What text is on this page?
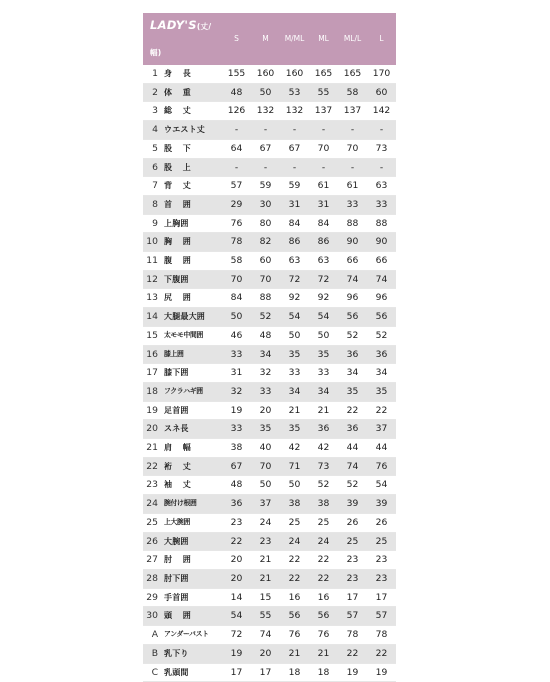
LADY'S(丈/幅)		S	M	M/ML	ML	ML/L	L
1	身 長	155	160	160	165	165	170
2	体 重	48	50	53	55	58	60
3	総 丈	126	132	132	137	137	142
4	ウエスト丈	-	-	-	-	-	-
5	股 下	64	67	67	70	70	73
6	股 上	-	-	-	-	-	-
7	背 丈	57	59	59	61	61	63
8	首 囲	29	30	31	31	33	33
9	上胸囲	76	80	84	84	88	88
10	胸 囲	78	82	86	86	90	90
11	腹 囲	58	60	63	63	66	66
12	下腹囲	70	70	72	72	74	74
13	尻 囲	84	88	92	92	96	96
14	大腿最大囲	50	52	54	54	56	56
15	太モモ中間囲	46	48	50	50	52	52
16	膝上囲	33	34	35	35	36	36
17	膝下囲	31	32	33	33	34	34
18	フクラハギ囲	32	33	34	34	35	35
19	足首囲	19	20	21	21	22	22
20	スネ長	33	35	35	36	36	37
21	肩 幅	38	40	42	42	44	44
22	裄 丈	67	70	71	73	74	76
23	袖 丈	48	50	50	52	52	54
24	腕付け根囲	36	37	38	38	39	39
25	上大腕囲	23	24	25	25	26	26
26	大腕囲	22	23	24	24	25	25
27	肘 囲	20	21	22	22	23	23
28	肘下囲	20	21	22	22	23	23
29	手首囲	14	15	16	16	17	17
30	頭 囲	54	55	56	56	57	57
A	アンダーバスト	72	74	76	76	78	78
B	乳下り	19	20	21	21	22	22
C	乳頭間	17	17	18	18	19	19
